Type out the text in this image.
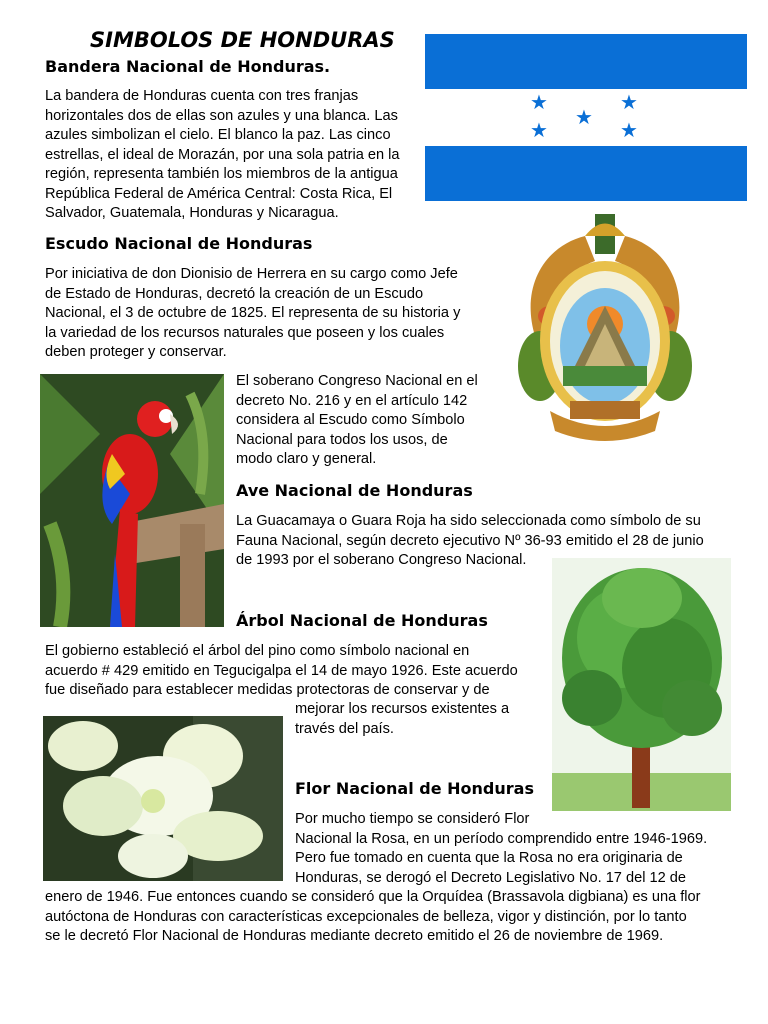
SIMBOLOS DE HONDURAS
Bandera Nacional de Honduras.
La bandera de Honduras cuenta con tres franjas
horizontales dos de ellas son azules y una blanca. Las
azules simbolizan el cielo. El blanco la paz. Las cinco
estrellas, el ideal de Morazán, por una sola patria en la
región, representa también los miembros de la antigua
República Federal de América Central: Costa Rica, El
Salvador, Guatemala, Honduras y Nicaragua.
★	★
★
★	★
Escudo Nacional de Honduras
Por iniciativa de don Dionisio de Herrera en su cargo como Jefe
de Estado de Honduras, decretó la creación de un Escudo
Nacional, el 3 de octubre de 1825. El representa de su historia y
la variedad de los recursos naturales que poseen y los cuales
deben proteger y conservar.
El soberano Congreso Nacional en el
decreto No. 216 y en el artículo 142
considera al Escudo como Símbolo
Nacional para todos los usos, de
modo claro y general.
Ave Nacional de Honduras
La Guacamaya o Guara Roja ha sido seleccionada como símbolo de su
Fauna Nacional, según decreto ejecutivo Nº 36-93 emitido el 28 de junio
de 1993 por el soberano Congreso Nacional.
Árbol Nacional de Honduras
El gobierno estableció el árbol del pino como símbolo nacional en
acuerdo # 429 emitido en Tegucigalpa el 14 de mayo 1926. Este acuerdo
fue diseñado para establecer medidas protectoras de conservar y de
mejorar los recursos existentes a
través del país.
Flor Nacional de Honduras
Por mucho tiempo se consideró Flor
Nacional la Rosa, en un período comprendido entre 1946-1969.
Pero fue tomado en cuenta que la Rosa no era originaria de
Honduras, se derogó el Decreto Legislativo No. 17 del 12 de
enero de 1946. Fue entonces cuando se consideró que la Orquídea (Brassavola digbiana) es una flor
autóctona de Honduras con características excepcionales de belleza, vigor y distinción, por lo tanto
se le decretó Flor Nacional de Honduras mediante decreto emitido el 26 de noviembre de 1969.
